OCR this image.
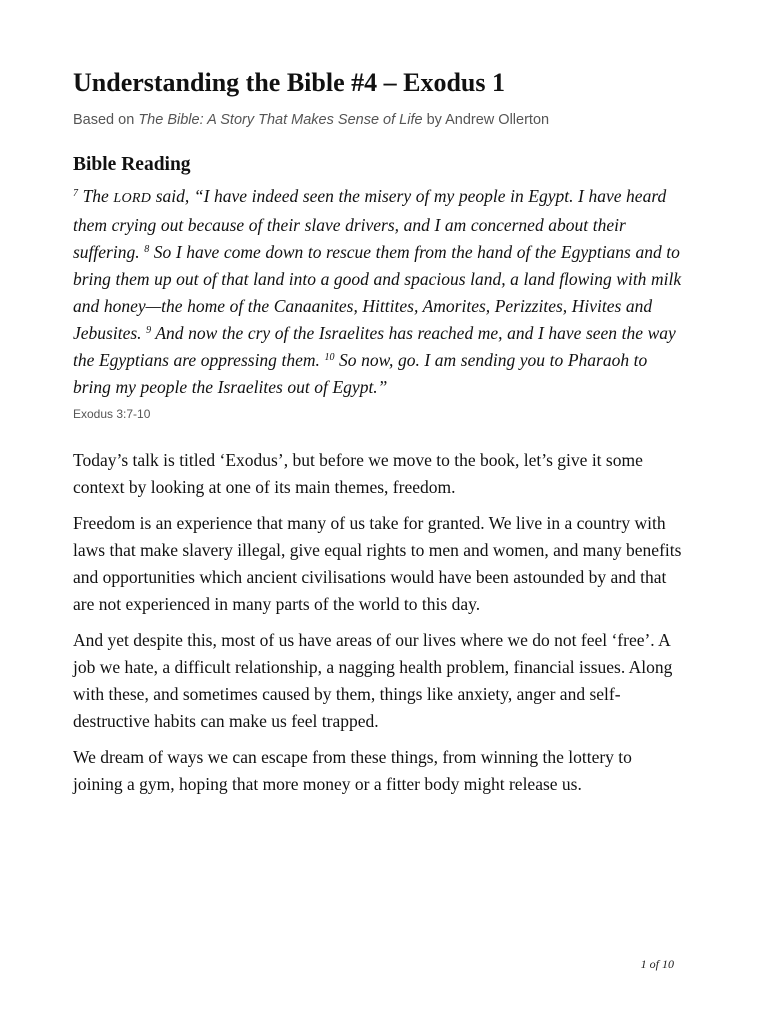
Understanding the Bible #4 – Exodus 1
Based on The Bible: A Story That Makes Sense of Life by Andrew Ollerton
Bible Reading
$^7$ The LORD said, “I have indeed seen the misery of my people in Egypt. I have heard them crying out because of their slave drivers, and I am concerned about their suffering. $^8$ So I have come down to rescue them from the hand of the Egyptians and to bring them up out of that land into a good and spacious land, a land flowing with milk and honey—the home of the Canaanites, Hittites, Amorites, Perizzites, Hivites and Jebusites. $^9$ And now the cry of the Israelites has reached me, and I have seen the way the Egyptians are oppressing them. $^{10}$ So now, go. I am sending you to Pharaoh to bring my people the Israelites out of Egypt.”
Exodus 3:7-10

Today’s talk is titled ‘Exodus’, but before we move to the book, let’s give it some context by looking at one of its main themes, freedom.

Freedom is an experience that many of us take for granted. We live in a country with laws that make slavery illegal, give equal rights to men and women, and many benefits and opportunities which ancient civilisations would have been astounded by and that are not experienced in many parts of the world to this day.

And yet despite this, most of us have areas of our lives where we do not feel ‘free’. A job we hate, a difficult relationship, a nagging health problem, financial issues. Along with these, and sometimes caused by them, things like anxiety, anger and self-destructive habits can make us feel trapped.

We dream of ways we can escape from these things, from winning the lottery to joining a gym, hoping that more money or a fitter body might release us.

1 of 10
